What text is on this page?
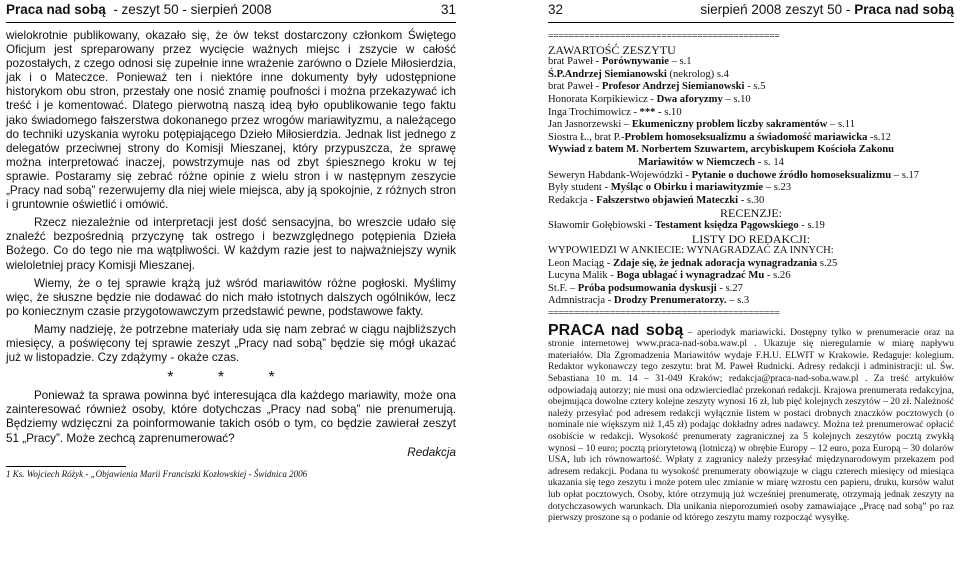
Praca nad sobą - zeszyt 50 - sierpień 2008	31

wielokrotnie publikowany, okazało się, że ów tekst dostarczony członkom Świętego Oficjum jest spreparowany przez wycięcie ważnych miejsc i zszycie w całość pozostałych, z czego odnosi się zupełnie inne wrażenie zarówno o Dziele Miłosierdzia, jak i o Mateczce. Ponieważ ten i niektóre inne dokumenty były udostępnione historykom obu stron, przestały one nosić znamię poufności i można przekazywać ich treść i je komentować. Dlatego pierwotną naszą ideą było opublikowanie tego faktu jako świadomego fałszerstwa dokonanego przez wrogów mariawityzmu, a należącego do techniki uzyskania wyroku potępiającego Dzieło Miłosierdzia. Jednak list jednego z delegatów przeciwnej strony do Komisji Mieszanej, który przypuszcza, że sprawę można interpretować inaczej, powstrzymuje nas od zbyt śpiesznego kroku w tej sprawie. Postaramy się zebrać różne opinie z wielu stron i w następnym zeszycie „Pracy nad sobą” rezerwujemy dla niej wiele miejsca, aby ją spokojnie, z różnych stron i gruntownie oświetlić i omówić.

Rzecz niezależnie od interpretacji jest dość sensacyjna, bo wreszcie udało się znaleźć bezpośrednią przyczynę tak ostrego i bezwzględnego potępienia Dzieła Bożego. Co do tego nie ma wątpliwości. W każdym razie jest to najważniejszy wynik wieloletniej pracy Komisji Mieszanej.

Wiemy, że o tej sprawie krążą już wśród mariawitów różne pogłoski. Myślimy więc, że słuszne będzie nie dodawać do nich mało istotnych dalszych ogólników, lecz po koniecznym czasie przygotowawczym przedstawić pewne, podstawowe fakty.

Mamy nadzieję, że potrzebne materiały uda się nam zebrać w ciągu najbliższych miesięcy, a poświęcony tej sprawie zeszyt „Pracy nad sobą” będzie się mógł ukazać już w listopadzie. Czy zdążymy - okaże czas.

* * *

Ponieważ ta sprawa powinna być interesująca dla każdego mariawity, może ona zainteresować również osoby, które dotychczas „Pracy nad sobą” nie prenumerują. Będziemy wdzięczni za poinformowanie takich osób o tym, co będzie zawierał zeszyt 51 „Pracy”. Może zechcą zaprenumerować?

Redakcja

1 Ks. Wojciech Różyk - „Objawienia Marii Franciszki Kozłowskiej - Świdnica 2006
32	sierpień 2008 zeszyt 50 - Praca nad sobą
=============================================
ZAWARTOŚĆ ZESZYTU
brat Paweł - Porównywanie – s.1
Ś.P.Andrzej Siemianowski (nekrolog) s.4
brat Paweł - Profesor Andrzej Siemianowski - s.5
Honorata Korpikiewicz - Dwa aforyzmy – s.10
Inga Trochimowicz - *** - s.10
Jan Jasnorzewski – Ekumeniczny problem liczby sakramentów – s.11
Siostra Ł., brat P.-Problem homoseksualizmu a świadomość mariawicka -s.12
Wywiad z batem M. Norbertem Szuwartem, arcybiskupem Kościoła Zakonu
Mariawitów w Niemczech - s. 14
Seweryn Habdank-Wojewódzki - Pytanie o duchowe źródło homoseksualizmu – s.17
Były student - Myśląc o Obirku i mariawityzmie – s.23
Redakcja - Fałszerstwo objawień Mateczki - s.30
RECENZJE:
Sławomir Gołębiowski - Testament księdza Pągowskiego - s.19
LISTY DO REDAKCJI:
WYPOWIEDZI W ANKIECIE: WYNAGRADZAĆ ZA INNYCH:
Leon Maciąg - Zdaje się, że jednak adoracja wynagradzania s.25
Lucyna Malik - Boga ubłagać i wynagradzać Mu - s.26
St.F. – Próba podsumowania dyskusji - s.27
Admnistracja - Drodzy Prenumeratorzy. – s.3
=============================================
PRACA nad sobą – aperiodyk mariawicki. Dostępny tylko w prenumeracie oraz na stronie internetowej www.praca-nad-soba.waw.pl . Ukazuje się nieregularnie w miarę napływu materiałów. Dla Zgromadzenia Mariawitów wydaje F.H.U. ELWIT w Krakowie. Redaguje: kolegium. Redaktor wykonawczy tego zeszytu: brat M. Paweł Rudnicki. Adresy redakcji i administracji: ul. Św. Sebastiana 10 m. 14 – 31-049 Kraków; redakcja@praca-nad-soba.waw.pl . Za treść artykułów odpowiadają autorzy; nie musi ona odzwierciedlać przekonań redakcji. Krajowa prenumerata redakcyjna, obejmująca dowolne cztery kolejne zeszyty wynosi 16 zł, lub pięć kolejnych zeszytów – 20 zł. Należność należy przesyłać pod adresem redakcji wyłącznie listem w postaci drobnych znaczków pocztowych (o nominale nie większym niż 1,45 zł) podając dokładny adres nadawcy. Można też prenumerować opłacić osobiście w redakcji. Wysokość prenumeraty zagranicznej za 5 kolejnych zeszytów pocztą zwykłą wynosi – 10 euro; pocztą priorytetową (lotniczą) w obrębie Europy – 12 euro, poza Europą – 30 dolarów USA, lub ich równowartość. Wpłaty z zagranicy należy przesyłać międzynarodowym przekazem pod adresem redakcji. Podana tu wysokość prenumeraty obowiązuje w ciągu czterech miesięcy od miesiąca ukazania się tego zeszytu i może potem ulec zmianie w miarę wzrostu cen papieru, druku, kursów walut lub opłat pocztowych. Osoby, które otrzymują już wcześniej prenumeratę, otrzymają jednak zeszyty na dotychczasowych warunkach. Dla unikania nieporozumień osoby zamawiające „Pracę nad sobą” po raz pierwszy proszone są o podanie od którego zeszytu mamy rozpocząć wysyłkę.
